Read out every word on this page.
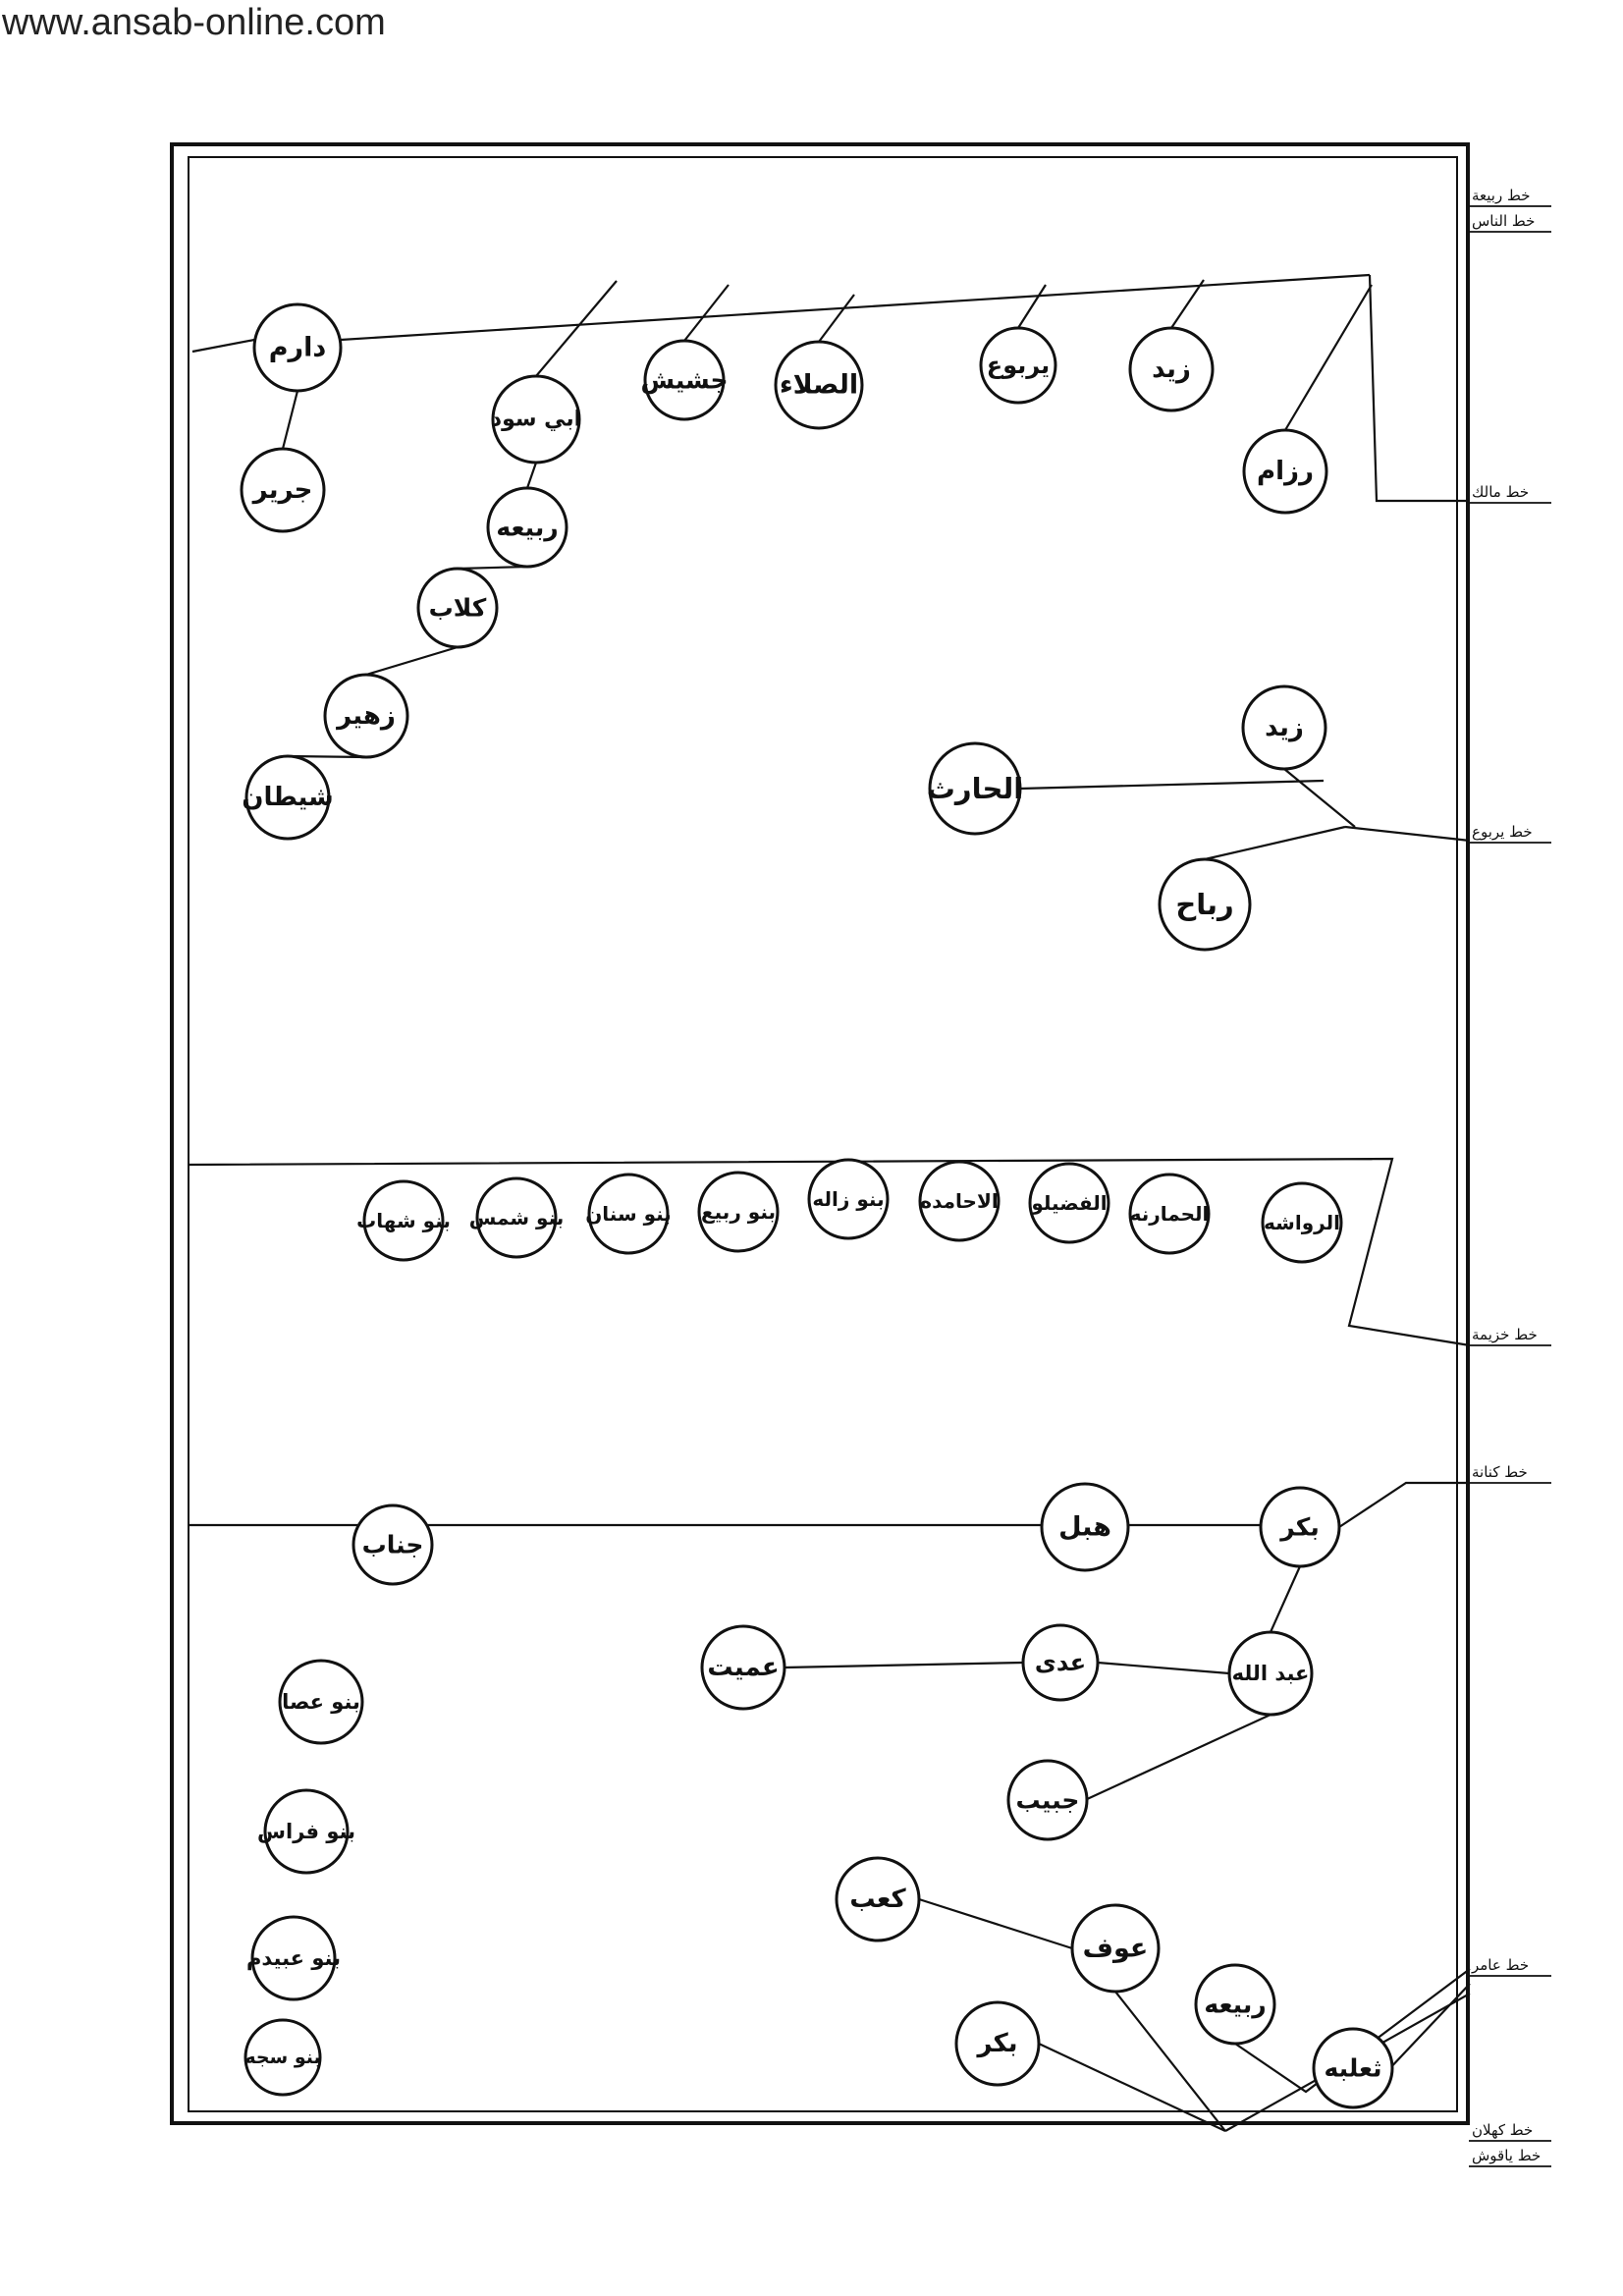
www.ansab-online.com
دارم
جرير
ابي سود
ربيعه
كلاب
زهير
شيطان
جشيش الصلاء
يربوع	زيد
رزام
زيد
الحارث
رباح
الرواشه
الحمارنه
الفضيلو
الاحامده
بنو زاله
بنو ربيع
بنو سنان
بنو شمس
بنو شهاب
بكر
هبل
جناب
عبد الله
عدى
عميت
جبيب
بنو عصا
بنو فراس
بنو عبيدم
بنو سجه
كعب
عوف
بكر
ربيعه
ثعلبه
خط ربيعة
خط الناس
خط مالك
خط يربوع
خط خزيمة
خط كنانة
خط عامر
خط كهلان
خط ياقوش
